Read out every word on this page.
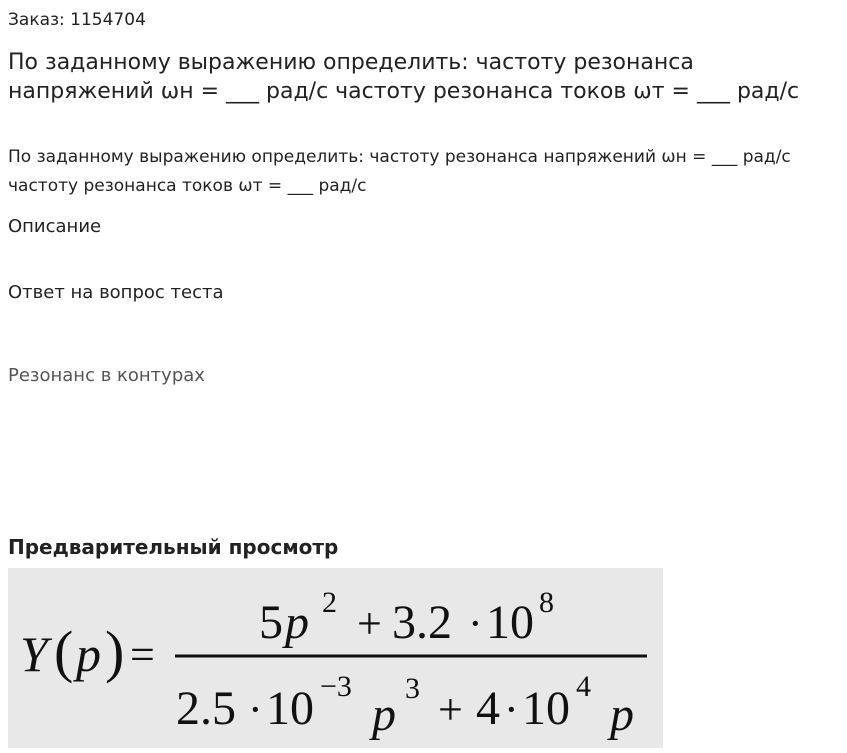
Заказ: 1154704
По заданному выражению определить: частоту резонанса напряжений ωн = ___ рад/с частоту резонанса токов ωт = ___ рад/с
По заданному выражению определить: частоту резонанса напряжений ωн = ___ рад/с частоту резонанса токов ωт = ___ рад/с
Описание
Ответ на вопрос теста
Резонанс в контурах
Предварительный просмотр
Y ( p ) =
5 p 2 + 3.2 · 10 8
2.5 · 10 −3
p 3 + 4 · 10 4
p
